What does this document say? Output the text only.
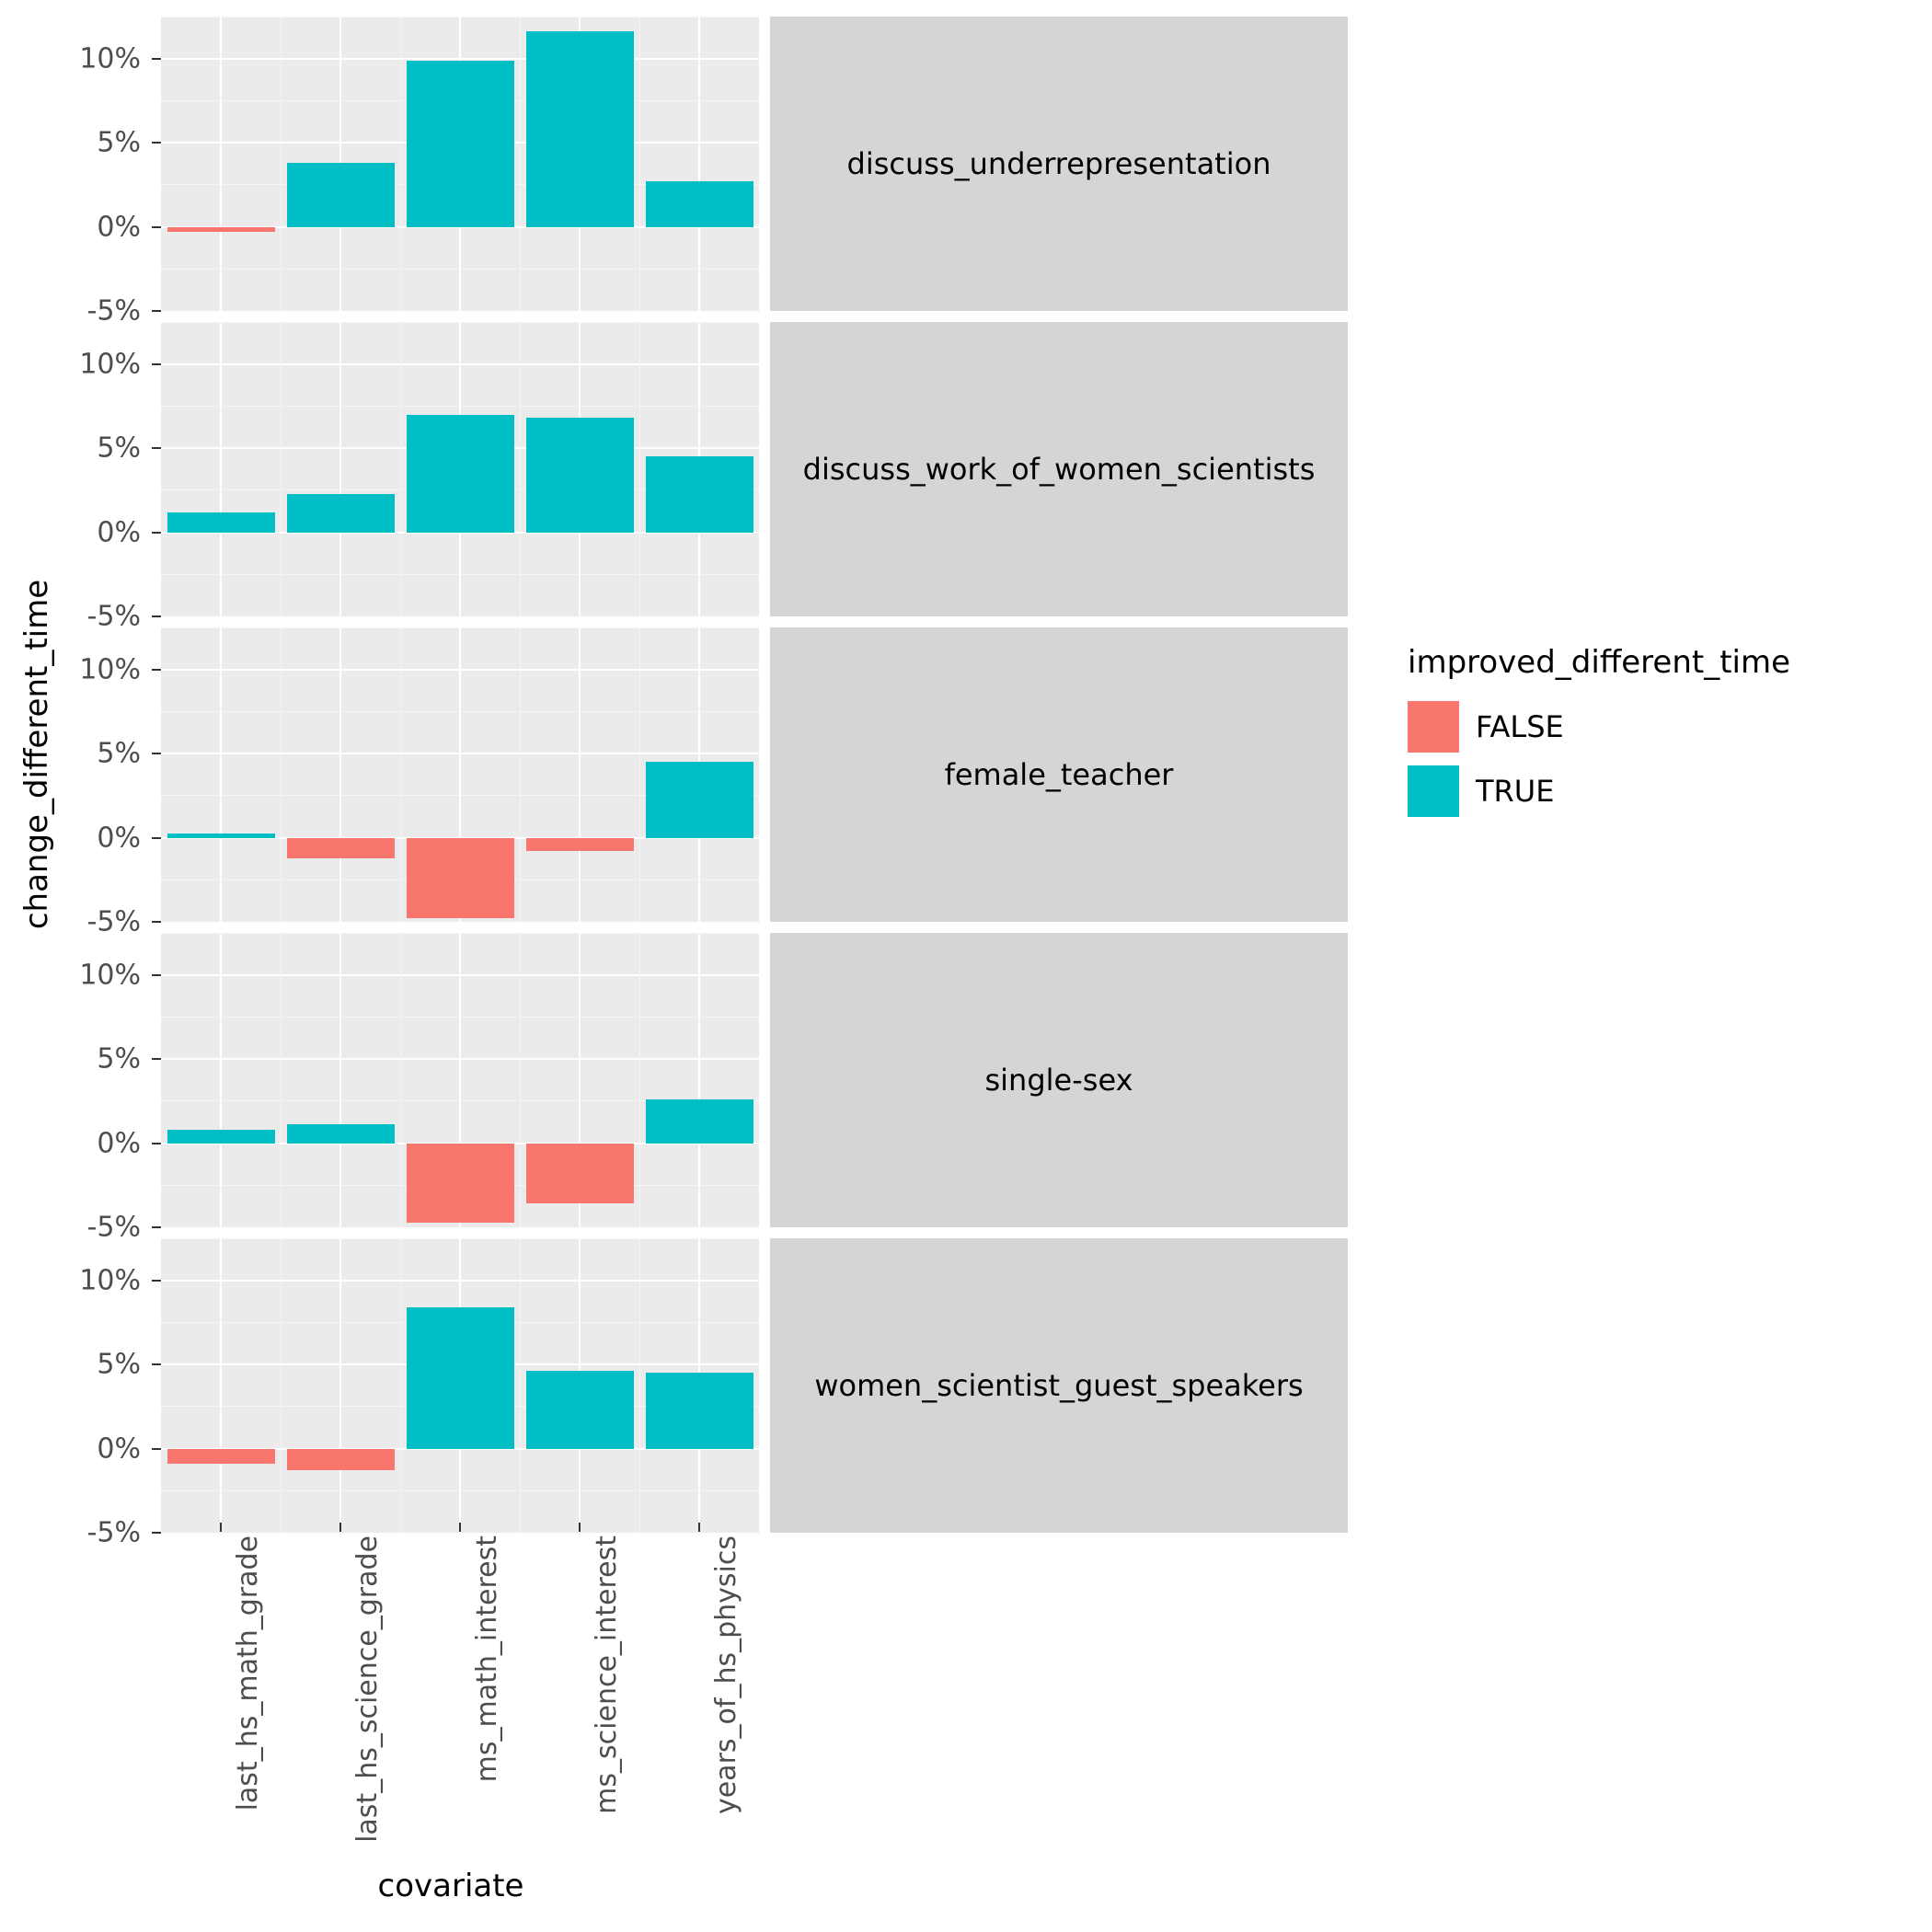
change_different_time
10%
5%
0%
-5%
10%
5%
0%
-5%
10%
5%
0%
-5%
10%
5%
0%
-5%
10%
5%
0%
-5%
discuss_underrepresentation
discuss_work_of_women_scientists
female_teacher
single-sex
women_scientist_guest_speakers
last_hs_math_grade	last_hs_science_grade	ms_math_interest	ms_science_interest	years_of_hs_physics
covariate
improved_different_time
FALSE
TRUE
